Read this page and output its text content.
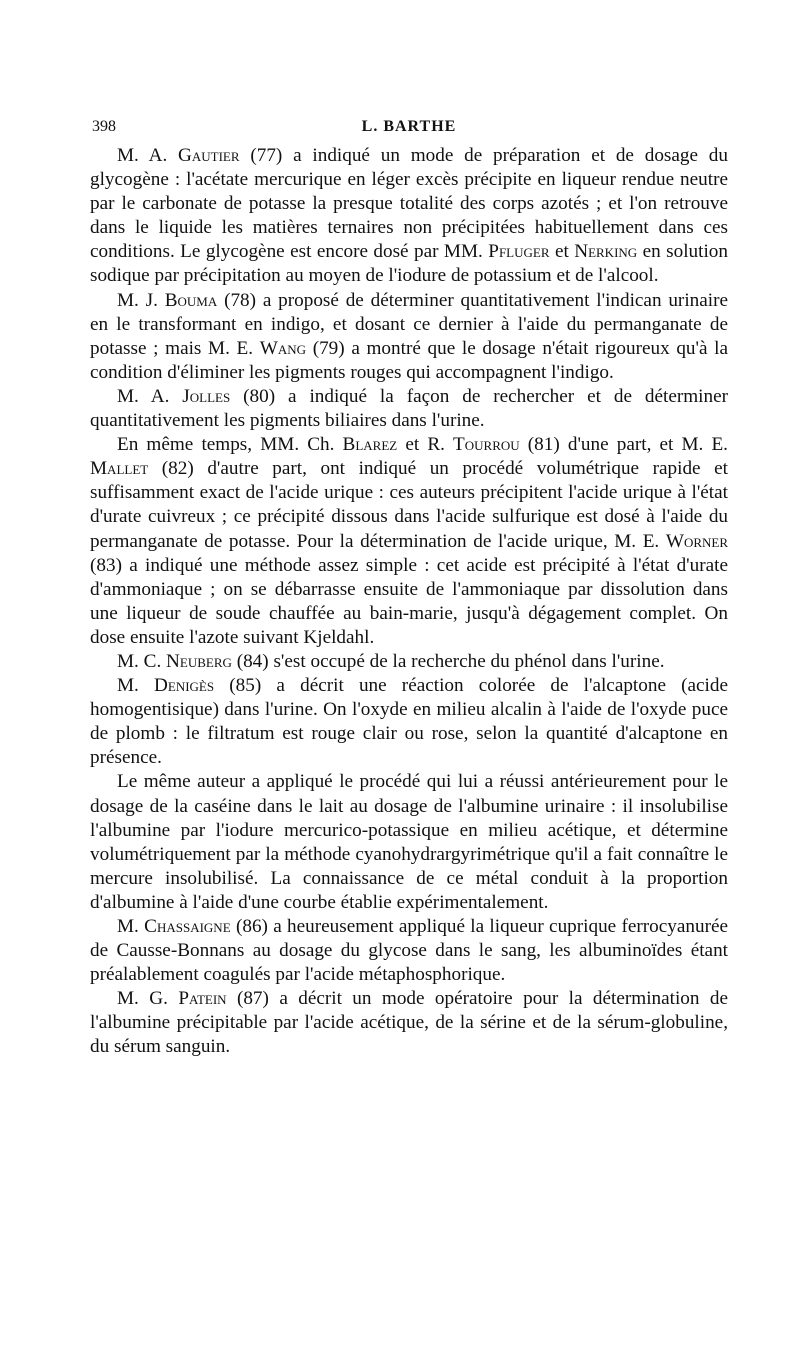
398	L. BARTHE

M. A. Gautier (77) a indiqué un mode de préparation et de dosage du glycogène : l'acétate mercurique en léger excès précipite en liqueur rendue neutre par le carbonate de potasse la presque totalité des corps azotés ; et l'on retrouve dans le liquide les matières ternaires non précipitées habituellement dans ces conditions. Le glycogène est encore dosé par MM. Pfluger et Nerking en solution sodique par précipitation au moyen de l'iodure de potassium et de l'alcool.

M. J. Bouma (78) a proposé de déterminer quantitativement l'indican urinaire en le transformant en indigo, et dosant ce dernier à l'aide du permanganate de potasse ; mais M. E. Wang (79) a montré que le dosage n'était rigoureux qu'à la condition d'éliminer les pigments rouges qui accompagnent l'indigo.

M. A. Jolles (80) a indiqué la façon de rechercher et de déterminer quantitativement les pigments biliaires dans l'urine.

En même temps, MM. Ch. Blarez et R. Tourrou (81) d'une part, et M. E. Mallet (82) d'autre part, ont indiqué un procédé volumétrique rapide et suffisamment exact de l'acide urique : ces auteurs précipitent l'acide urique à l'état d'urate cuivreux ; ce précipité dissous dans l'acide sulfurique est dosé à l'aide du permanganate de potasse. Pour la détermination de l'acide urique, M. E. Worner (83) a indiqué une méthode assez simple : cet acide est précipité à l'état d'urate d'ammoniaque ; on se débarrasse ensuite de l'ammoniaque par dissolution dans une liqueur de soude chauffée au bain-marie, jusqu'à dégagement complet. On dose ensuite l'azote suivant Kjeldahl.

M. C. Neuberg (84) s'est occupé de la recherche du phénol dans l'urine.

M. Denigès (85) a décrit une réaction colorée de l'alcaptone (acide homogentisique) dans l'urine. On l'oxyde en milieu alcalin à l'aide de l'oxyde puce de plomb : le filtratum est rouge clair ou rose, selon la quantité d'alcaptone en présence.

Le même auteur a appliqué le procédé qui lui a réussi antérieurement pour le dosage de la caséine dans le lait au dosage de l'albumine urinaire : il insolubilise l'albumine par l'iodure mercurico-potassique en milieu acétique, et détermine volumétriquement par la méthode cyanohydrargyrimétrique qu'il a fait connaître le mercure insolubilisé. La connaissance de ce métal conduit à la proportion d'albumine à l'aide d'une courbe établie expérimentalement.

M. Chassaigne (86) a heureusement appliqué la liqueur cuprique ferrocyanurée de Causse-Bonnans au dosage du glycose dans le sang, les albuminoïdes étant préalablement coagulés par l'acide métaphosphorique.

M. G. Patein (87) a décrit un mode opératoire pour la détermination de l'albumine précipitable par l'acide acétique, de la sérine et de la sérum-globuline, du sérum sanguin.
